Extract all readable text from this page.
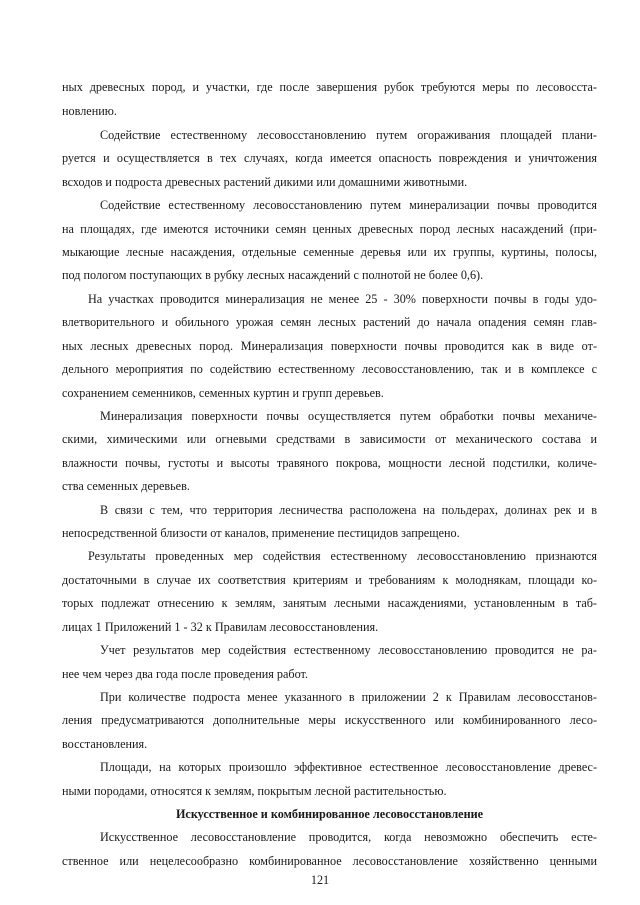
ных древесных пород, и участки, где после завершения рубок требуются меры по лесовосста-
новлению.
Содействие естественному лесовосстановлению путем огораживания площадей плани-
руется и осуществляется в тех случаях, когда имеется опасность повреждения и уничтожения
всходов и подроста древесных растений дикими или домашними животными.
Содействие естественному лесовосстановлению путем минерализации почвы проводится
на площадях, где имеются источники семян ценных древесных пород лесных насаждений (при-
мыкающие лесные насаждения, отдельные семенные деревья или их группы, куртины, полосы,
под пологом поступающих в рубку лесных насаждений с полнотой не более 0,6).
На участках проводится минерализация не менее 25 - 30% поверхности почвы в годы удо-
влетворительного и обильного урожая семян лесных растений до начала опадения семян глав-
ных лесных древесных пород. Минерализация поверхности почвы проводится как в виде от-
дельного мероприятия по содействию естественному лесовосстановлению, так и в комплексе с
сохранением семенников, семенных куртин и групп деревьев.
Минерализация поверхности почвы осуществляется путем обработки почвы механиче-
скими, химическими или огневыми средствами в зависимости от механического состава и
влажности почвы, густоты и высоты травяного покрова, мощности лесной подстилки, количе-
ства семенных деревьев.
В связи с тем, что территория лесничества расположена на польдерах, долинах рек и в
непосредственной близости от каналов, применение пестицидов запрещено.
Результаты проведенных мер содействия естественному лесовосстановлению признаются
достаточными в случае их соответствия критериям и требованиям к молоднякам, площади ко-
торых подлежат отнесению к землям, занятым лесными насаждениями, установленным в таб-
лицах 1 Приложений 1 - 32 к Правилам лесовосстановления.
Учет результатов мер содействия естественному лесовосстановлению проводится не ра-
нее чем через два года после проведения работ.
При количестве подроста менее указанного в приложении 2 к Правилам лесовосстанов-
ления предусматриваются дополнительные меры искусственного или комбинированного лесо-
восстановления.
Площади, на которых произошло эффективное естественное лесовосстановление древес-
ными породами, относятся к землям, покрытым лесной растительностью.
Искусственное и комбинированное лесовосстановление
Искусственное лесовосстановление проводится, когда невозможно обеспечить есте-
ственное или нецелесообразно комбинированное лесовосстановление хозяйственно ценными
121
